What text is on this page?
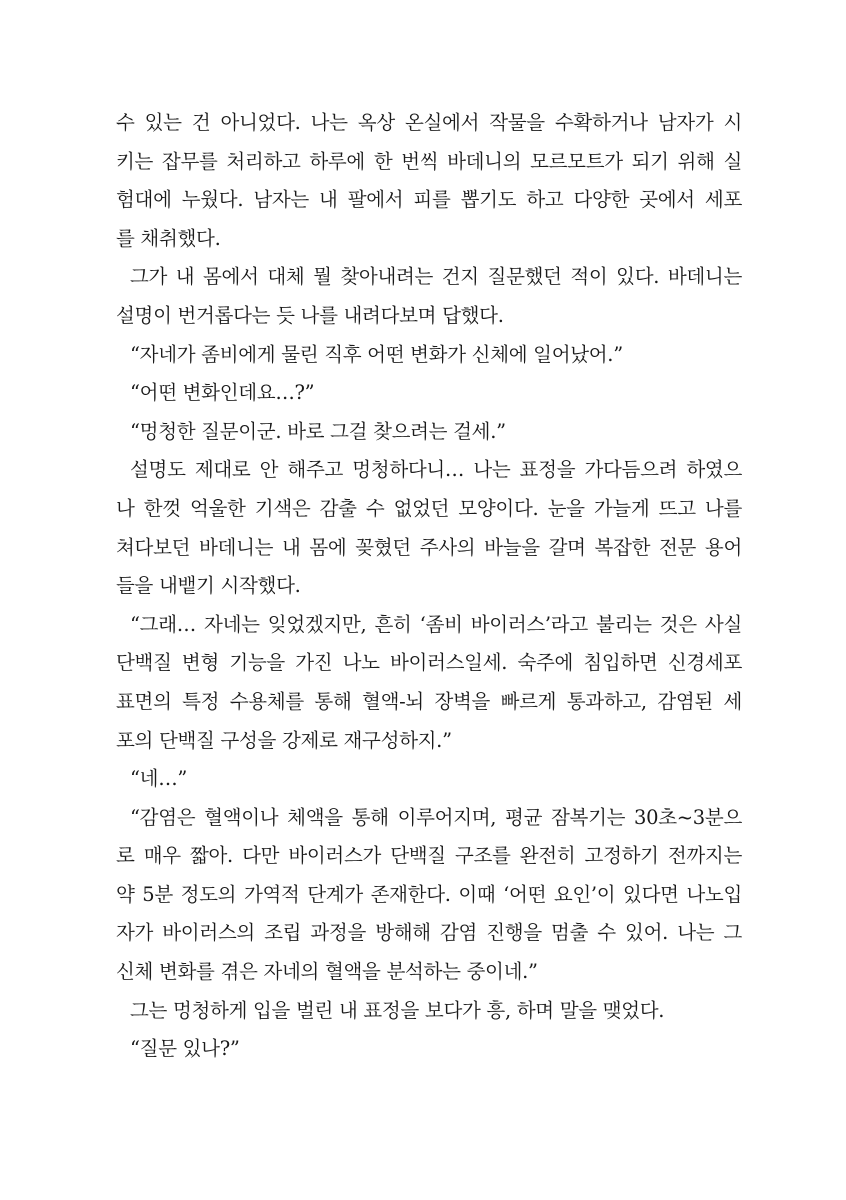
수 있는 건 아니었다. 나는 옥상 온실에서 작물을 수확하거나 남자가 시
키는 잡무를 처리하고 하루에 한 번씩 바데니의 모르모트가 되기 위해 실
험대에 누웠다. 남자는 내 팔에서 피를 뽑기도 하고 다양한 곳에서 세포
를 채취했다.
그가 내 몸에서 대체 뭘 찾아내려는 건지 질문했던 적이 있다. 바데니는
설명이 번거롭다는 듯 나를 내려다보며 답했다.
“자네가 좀비에게 물린 직후 어떤 변화가 신체에 일어났어.”
“어떤 변화인데요…?”
“멍청한 질문이군. 바로 그걸 찾으려는 걸세.”
설명도 제대로 안 해주고 멍청하다니… 나는 표정을 가다듬으려 하였으
나 한껏 억울한 기색은 감출 수 없었던 모양이다. 눈을 가늘게 뜨고 나를
쳐다보던 바데니는 내 몸에 꽂혔던 주사의 바늘을 갈며 복잡한 전문 용어
들을 내뱉기 시작했다.
“그래… 자네는 잊었겠지만, 흔히 ‘좀비 바이러스’라고 불리는 것은 사실
단백질 변형 기능을 가진 나노 바이러스일세. 숙주에 침입하면 신경세포
표면의 특정 수용체를 통해 혈액-뇌 장벽을 빠르게 통과하고, 감염된 세
포의 단백질 구성을 강제로 재구성하지.”
“네…”
“감염은 혈액이나 체액을 통해 이루어지며, 평균 잠복기는 30초~3분으
로 매우 짧아. 다만 바이러스가 단백질 구조를 완전히 고정하기 전까지는
약 5분 정도의 가역적 단계가 존재한다. 이때 ‘어떤 요인’이 있다면 나노입
자가 바이러스의 조립 과정을 방해해 감염 진행을 멈출 수 있어. 나는 그
신체 변화를 겪은 자네의 혈액을 분석하는 중이네.”
그는 멍청하게 입을 벌린 내 표정을 보다가 흥, 하며 말을 맺었다.
“질문 있나?”
